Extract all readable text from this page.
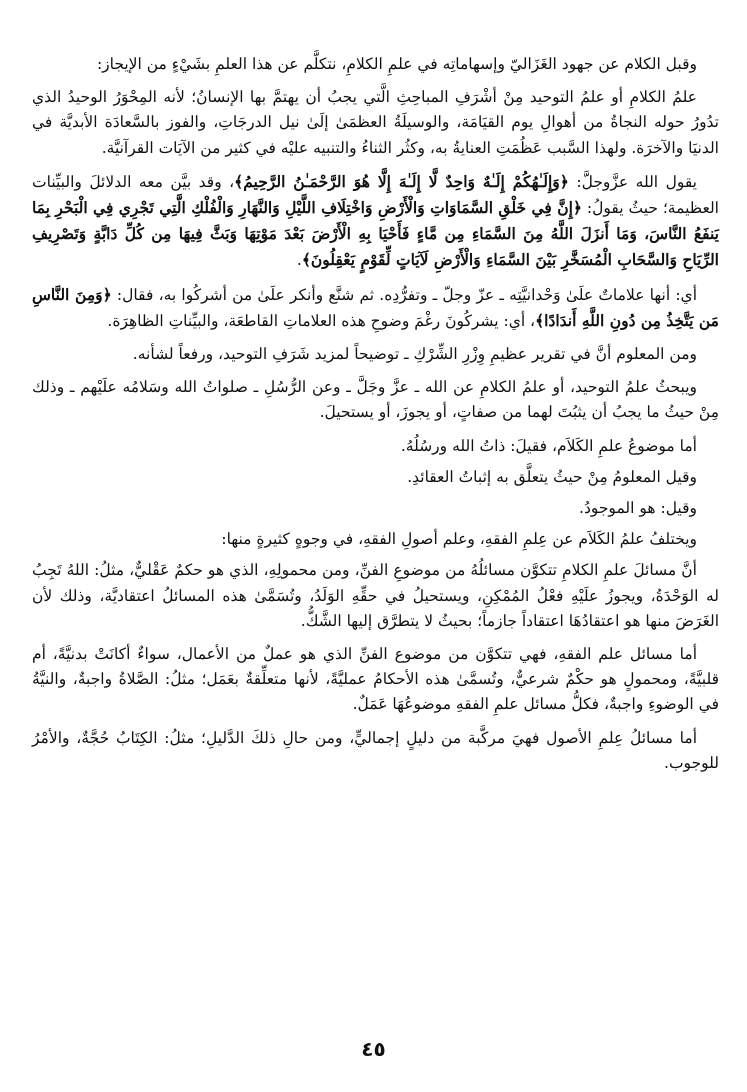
وقبل الكلام عن جهود الغَزَاليّ وإسهاماتِه في علمِ الكلامِ، نتكلَّم عن هذا العلمِ بشَيْءٍ من الإيجاز:

علمُ الكلامِ أو علمُ التوحيد مِنْ أشْرَفِ المباحِثِ الَّتي يجبُ أن يهتمَّ بها الإنسانُ؛ لأنه المِحْوَرُ الوحيدُ الذي تدُورُ حوله النجاةُ من أهوالِ يوم القيَامَة، والوسيلَةُ العظمَىٰ إلَىٰ نيل الدرجَاتِ، والفوز بالسَّعادَة الأبديَّة في الدنيَا والآخرَة. ولهذا السَّبب عَظُمَتِ العنايةُ به، وكثُر الثناءُ والتنبيه عليْه في كثير من الآيَات القرآنيَّة.

يقول الله عزَّوجلَّ: ﴿وَإِلَـٰهُكُمْ إِلَـٰهٌ وَاحِدٌ لَّا إِلَـٰهَ إِلَّا هُوَ الرَّحْمَـٰنُ الرَّحِيمُ﴾، وقد بيَّن معه الدلائلَ والبيِّنات العظيمة؛ حيثُ يقولُ: ﴿إِنَّ فِي خَلْقِ السَّمَاوَاتِ وَالْأَرْضِ وَاخْتِلَافِ اللَّيْلِ وَالنَّهَارِ وَالْفُلْكِ الَّتِي تَجْرِي فِي الْبَحْرِ بِمَا يَنفَعُ النَّاسَ، وَمَا أَنزَلَ اللَّهُ مِنَ السَّمَاءِ مِن مَّاءٍ فَأَحْيَا بِهِ الْأَرْضَ بَعْدَ مَوْتِهَا وَبَثَّ فِيهَا مِن كُلِّ دَابَّةٍ وَتَصْرِيفِ الرِّيَاحِ وَالسَّحَابِ الْمُسَخَّرِ بَيْنَ السَّمَاءِ وَالْأَرْضِ لَآيَاتٍ لِّقَوْمٍ يَعْقِلُونَ﴾.

أي: أنها علاماتٌ علَىٰ وَحْدانيَّتِه ـ عزّ وجلّ ـ وتفرُّدِه. ثم شنَّع وأنكر علَىٰ من أشركُوا به، فقال: ﴿وَمِنَ النَّاسِ مَن يَتَّخِذُ مِن دُونِ اللَّهِ أَندَادًا﴾، أي: يشركُونَ رغْمَ وضوحِ هذه العلاماتِ القاطعَة، والبيِّناتِ الظاهِرَة.

ومن المعلوم أنَّ في تقرير عظيمِ وِزْرِ الشِّرْكِ ـ توضيحاً لمزيد شَرَفِ التوحيد، ورفعاً لشأنه.

ويبحثُ علمُ التوحيد، أو علمُ الكلامِ عن الله ـ عزَّ وجَلَّ ـ وعن الرُّسُلِ ـ صلواتُ الله وسَلامُه علَيْهم ـ وذلك مِنْ حيثُ ما يجبُ أن يثبُتَ لهما من صفاتٍ، أو يجوزَ، أو يستحيلَ.

أما موضوعُ علمِ الكَلاَم، فقيلَ: ذاتُ الله ورسُلُهُ.

وقيل المعلومُ مِنْ حيثُ يتعلَّق به إثباتُ العقائدِ.

وقيل: هو الموجودُ.

ويختلفُ علمُ الكَلاَم عن عِلمِ الفقهِ، وعلم أصولِ الفقهِ، في وجوهٍ كثيرةٍ منها:

أنَّ مسائلَ علمِ الكلامِ تتكوَّن مسائلُهُ من موضوعِ الفنِّ، ومن محمولِهِ، الذي هو حكمٌ عَقْليٌّ، مثلُ: اللهُ تَجِبُ له الوَحْدَةُ، ويجوزُ علَيْهِ فعْلُ المُمْكِنِ، ويستحيلُ في حقِّهِ الوَلَدُ، وتُسَمَّىٰ هذه المسائلُ اعتقاديَّة، وذلك لأن الغَرَضَ منها هو اعتقادُهَا اعتقاداً جازماً؛ بحيثُ لا يتطرَّق إليها الشَّكُّ.

أما مسائل علم الفقهِ، فهي تتكوَّن من موضوع الفنِّ الذي هو عملٌ من الأعمال، سواءٌ أكانَتْ بدنيَّةً، أم قلبيَّةً، ومحمولٍ هو حكْمٌ شرعيٌّ، وتُسمَّىٰ هذه الأحكامُ عمليَّةً، لأنها متعلِّقةٌ بعَمَل؛ مثلُ: الصَّلاةُ واجبةٌ، والنيَّةُ في الوضوءِ واجبةٌ، فكلُّ مسائل علمِ الفقهِ موضوعُهَا عَمَلٌ.

أما مسائلُ عِلمِ الأصول فهيَ مركَّبة من دليلٍ إجماليٍّ، ومن حالِ ذلكَ الدَّليلِ؛ مثلُ: الكِتَابُ حُجَّةٌ، والأمْرُ للوجوب.

٤٥
